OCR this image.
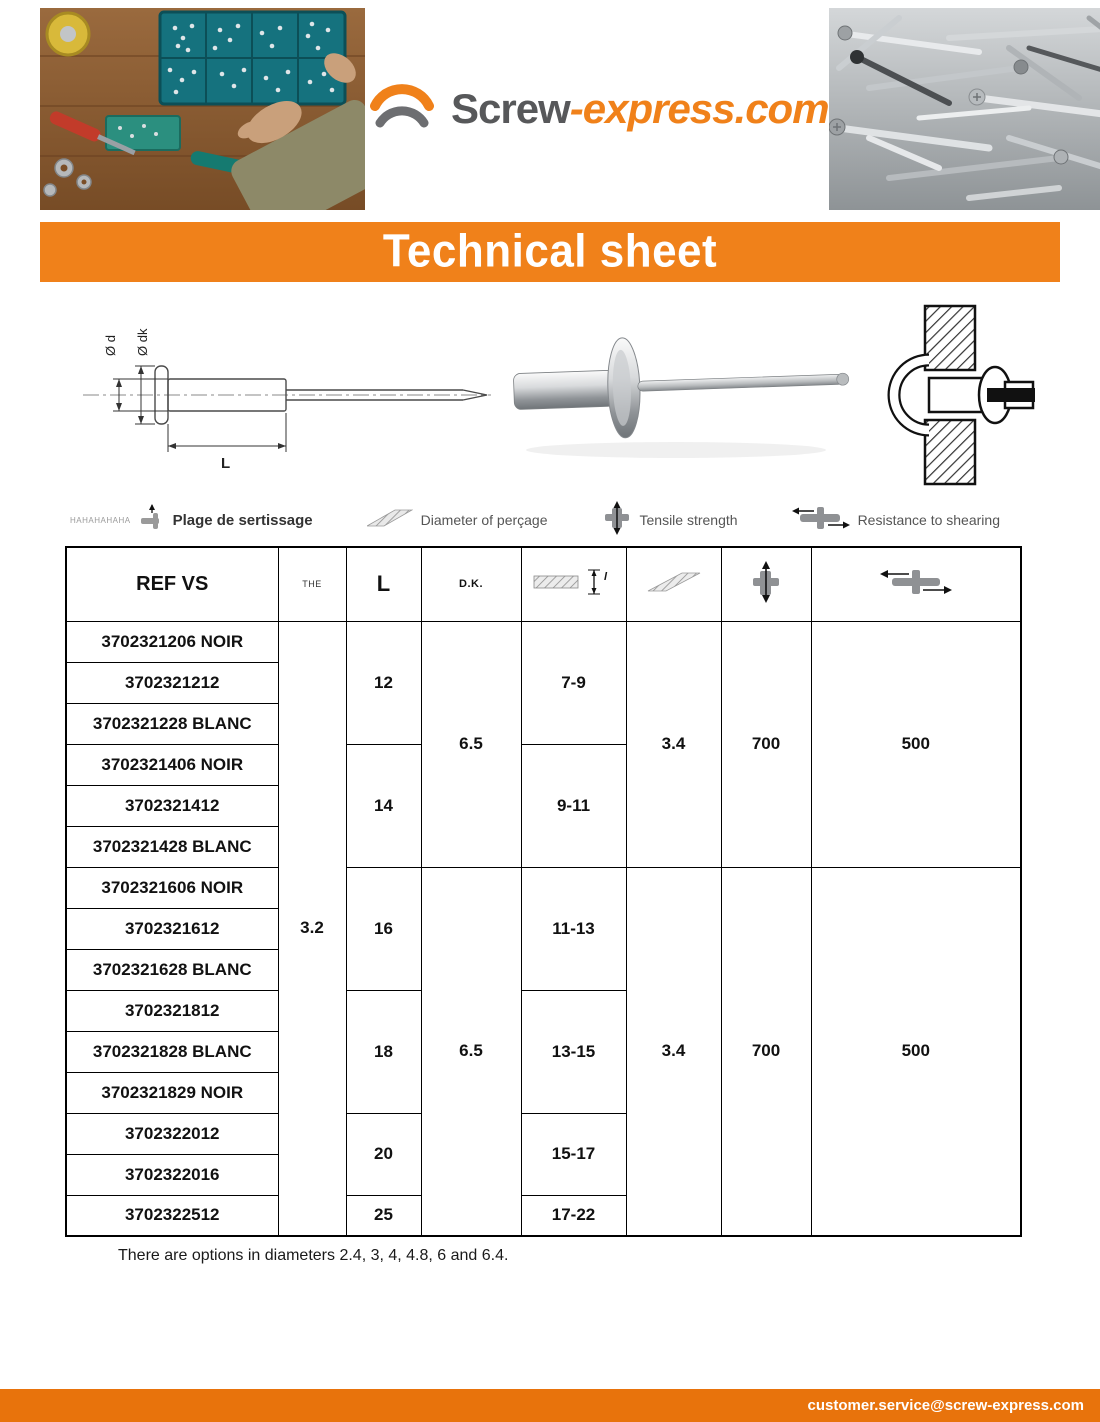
Screw-express.com
Technical sheet
Ø d Ø dk
L
HAHAHAHAHA	Plage de sertissage	Diameter of perçage	Tensile strength	Resistance to shearing
REF VS	THE	L	D.K.	l

3702321206 NOIR	3.2	12	6.5	7-9	3.4	700	500
3702321212							
3702321228 BLANC							
3702321406 NOIR		14		9-11			
3702321412							
3702321428 BLANC							
3702321606 NOIR		16	6.5	11-13	3.4	700	500
3702321612							
3702321628 BLANC							
3702321812		18		13-15			
3702321828 BLANC							
3702321829 NOIR							
3702322012		20		15-17			
3702322016							
3702322512		25		17-22			

There are options in diameters 2.4, 3, 4, 4.8, 6 and 6.4.

customer.service@screw-express.com
